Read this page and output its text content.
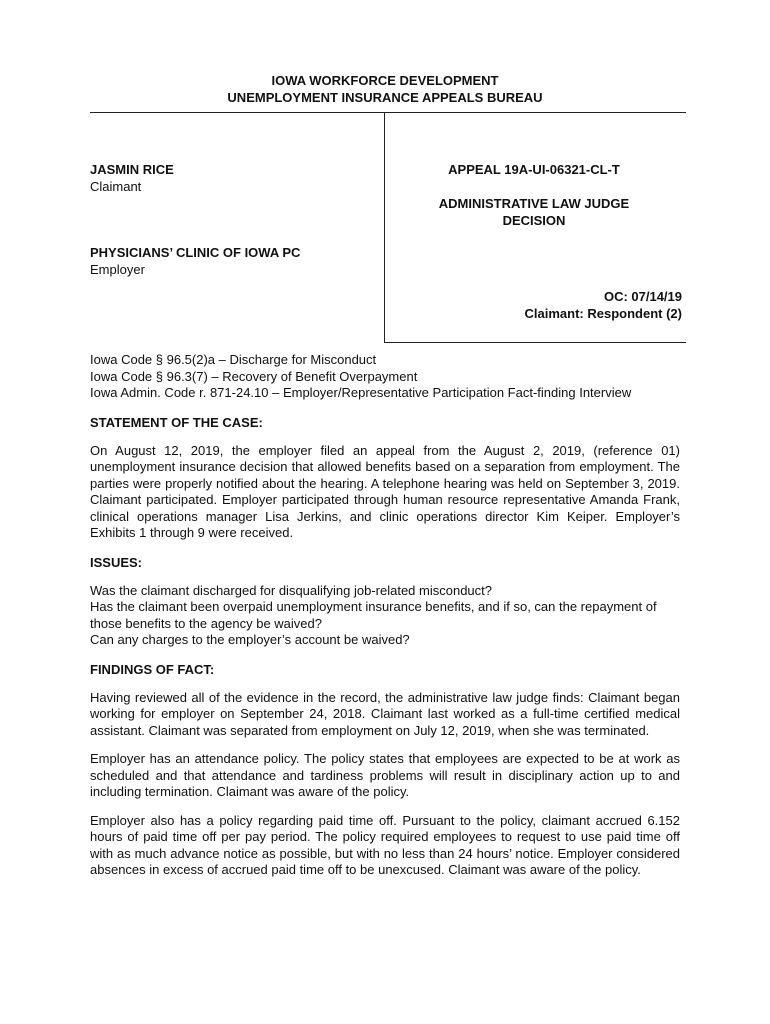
IOWA WORKFORCE DEVELOPMENT
UNEMPLOYMENT INSURANCE APPEALS BUREAU
JASMIN RICE
Claimant
PHYSICIANS’ CLINIC OF IOWA PC
Employer
APPEAL 19A-UI-06321-CL-T
ADMINISTRATIVE LAW JUDGE
DECISION
OC: 07/14/19
Claimant: Respondent (2)
Iowa Code § 96.5(2)a – Discharge for Misconduct
Iowa Code § 96.3(7) – Recovery of Benefit Overpayment
Iowa Admin. Code r. 871-24.10 – Employer/Representative Participation Fact-finding Interview
STATEMENT OF THE CASE:

On August 12, 2019, the employer filed an appeal from the August 2, 2019, (reference 01) unemployment insurance decision that allowed benefits based on a separation from employment. The parties were properly notified about the hearing. A telephone hearing was held on September 3, 2019. Claimant participated. Employer participated through human resource representative Amanda Frank, clinical operations manager Lisa Jerkins, and clinic operations director Kim Keiper. Employer’s Exhibits 1 through 9 were received.

ISSUES:
Was the claimant discharged for disqualifying job-related misconduct?
Has the claimant been overpaid unemployment insurance benefits, and if so, can the repayment of those benefits to the agency be waived?
Can any charges to the employer’s account be waived?
FINDINGS OF FACT:

Having reviewed all of the evidence in the record, the administrative law judge finds: Claimant began working for employer on September 24, 2018. Claimant last worked as a full-time certified medical assistant. Claimant was separated from employment on July 12, 2019, when she was terminated.

Employer has an attendance policy. The policy states that employees are expected to be at work as scheduled and that attendance and tardiness problems will result in disciplinary action up to and including termination. Claimant was aware of the policy.

Employer also has a policy regarding paid time off. Pursuant to the policy, claimant accrued 6.152 hours of paid time off per pay period. The policy required employees to request to use paid time off with as much advance notice as possible, but with no less than 24 hours’ notice. Employer considered absences in excess of accrued paid time off to be unexcused. Claimant was aware of the policy.
